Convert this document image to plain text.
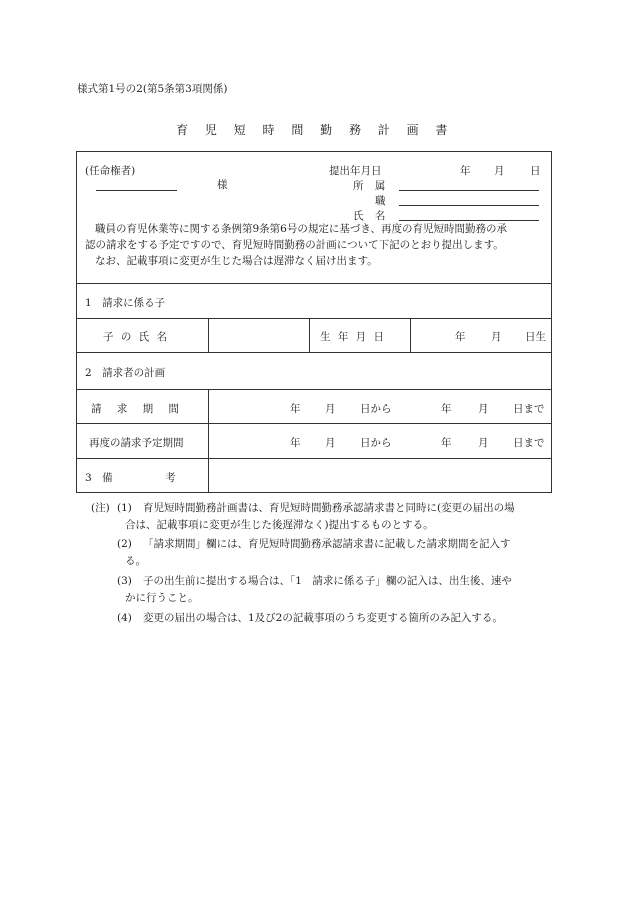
様式第1号の2(第5条第3項関係)
育 児 短 時 間 勤 務 計 画 書
(任命権者)
様
提出年月日	年 月 日
所 属
職
氏 名
職員の育児休業等に関する条例第9条第6号の規定に基づき、再度の育児短時間勤務の承
認の請求をする予定ですので、育児短時間勤務の計画について下記のとおり提出します。
なお、記載事項に変更が生じた場合は遅滞なく届け出ます。
1　請求に係る子
子 の 氏 名	生 年 月 日	年 月 日生
2　請求者の計画
請 求 期 間	年 月 日から	年	月 日まで
再度の請求予定期間	年 月 日から	年	月 日まで
3　備　　　　　考
(注) (1) 育児短時間勤務計画書は、育児短時間勤務承認請求書と同時に(変更の届出の場
合は、記載事項に変更が生じた後遅滞なく)提出するものとする。
(2) 「請求期間」欄には、育児短時間勤務承認請求書に記載した請求期間を記入す
る。
(3) 子の出生前に提出する場合は、「1　請求に係る子」欄の記入は、出生後、速や
かに行うこと。
(4) 変更の届出の場合は、1及び2の記載事項のうち変更する箇所のみ記入する。
